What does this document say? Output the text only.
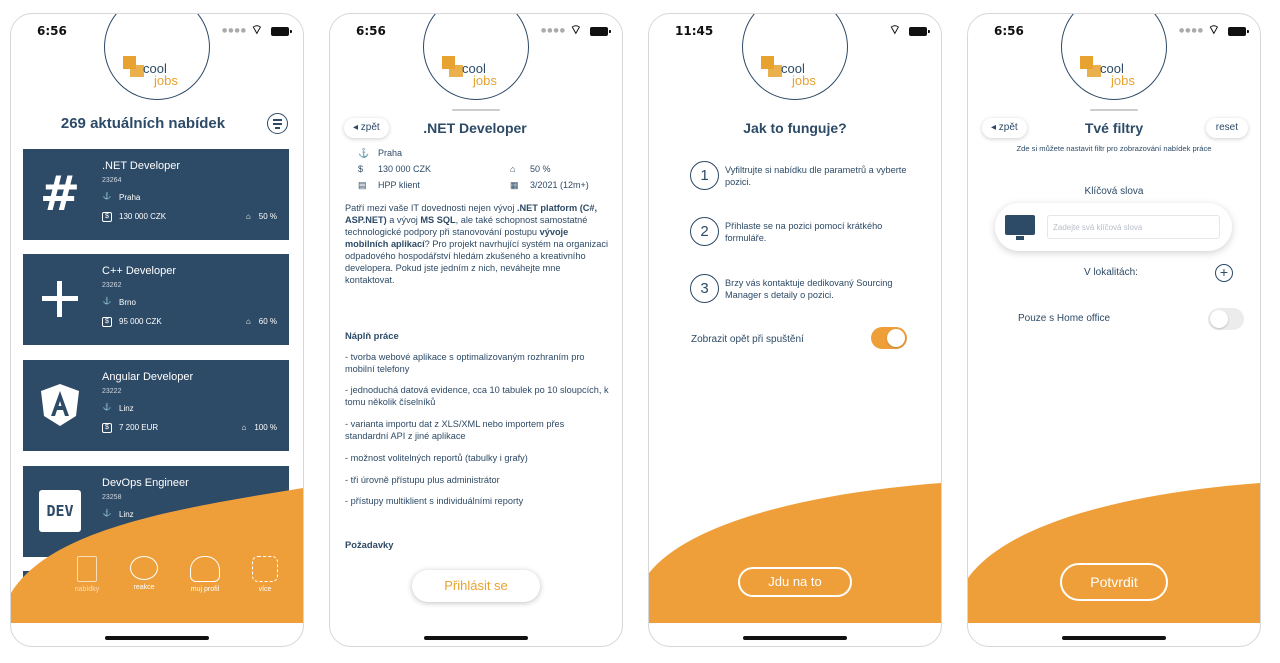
6:56	●●●● ⌔
cool
jobs
269 aktuálních nabídek
# .NET Developer
23264
⚓ Praha
$ 130 000 CZK	⌂ 50 %
C++ Developer
23262
⚓ Brno
$ 95 000 CZK	⌂ 60 %
Angular Developer
23222
⚓ Linz
$ 7 200 EUR	⌂ 100 %
DEV
DevOps Engineer
23258
⚓ Linz
nabídky	reakce	muj profil	více
6:56	●●●● ⌔
cool
jobs
◂ zpět	.NET Developer
⚓ Praha
$ 130 000 CZK	⌂ 50 %
▤ HPP klient	▦ 3/2021 (12m+)
Patří mezi vaše IT dovednosti nejen vývoj .NET platform (C#, ASP.NET) a vývoj MS SQL, ale také schopnost samostatné technologické podpory při stanovování postupu vývoje mobilních aplikací? Pro projekt navrhující systém na organizaci odpadového hospodářství hledám zkušeného a kreativního developera. Pokud jste jedním z nich, neváhejte mne kontaktovat.
Náplň práce
- tvorba webové aplikace s optimalizovaným rozhraním pro mobilní telefony
- jednoduchá datová evidence, cca 10 tabulek po 10 sloupcích, k tomu několik číselníků
- varianta importu dat z XLS/XML nebo importem přes standardní API z jiné aplikace
- možnost volitelných reportů (tabulky i grafy)
- tři úrovně přístupu plus administrátor
- přístupy multiklient s individuálními reporty
Požadavky
Přihlásit se
11:45	⌔
cool
jobs
Jak to funguje?
1	Vyfiltrujte si nabídku dle parametrů a vyberte pozici.
2	Přihlaste se na pozici pomocí krátkého formuláře.
3	Brzy vás kontaktuje dedikovaný Sourcing Manager s detaily o pozici.
Zobrazit opět při spuštění
Jdu na to
6:56	●●●● ⌔
cool
jobs
◂ zpět	Tvé filtry	reset
Zde si můžete nastavit filtr pro zobrazování nabídek práce
Klíčová slova
Zadejte svá klíčová slova
V lokalitách:	+
Pouze s Home office
Potvrdit
